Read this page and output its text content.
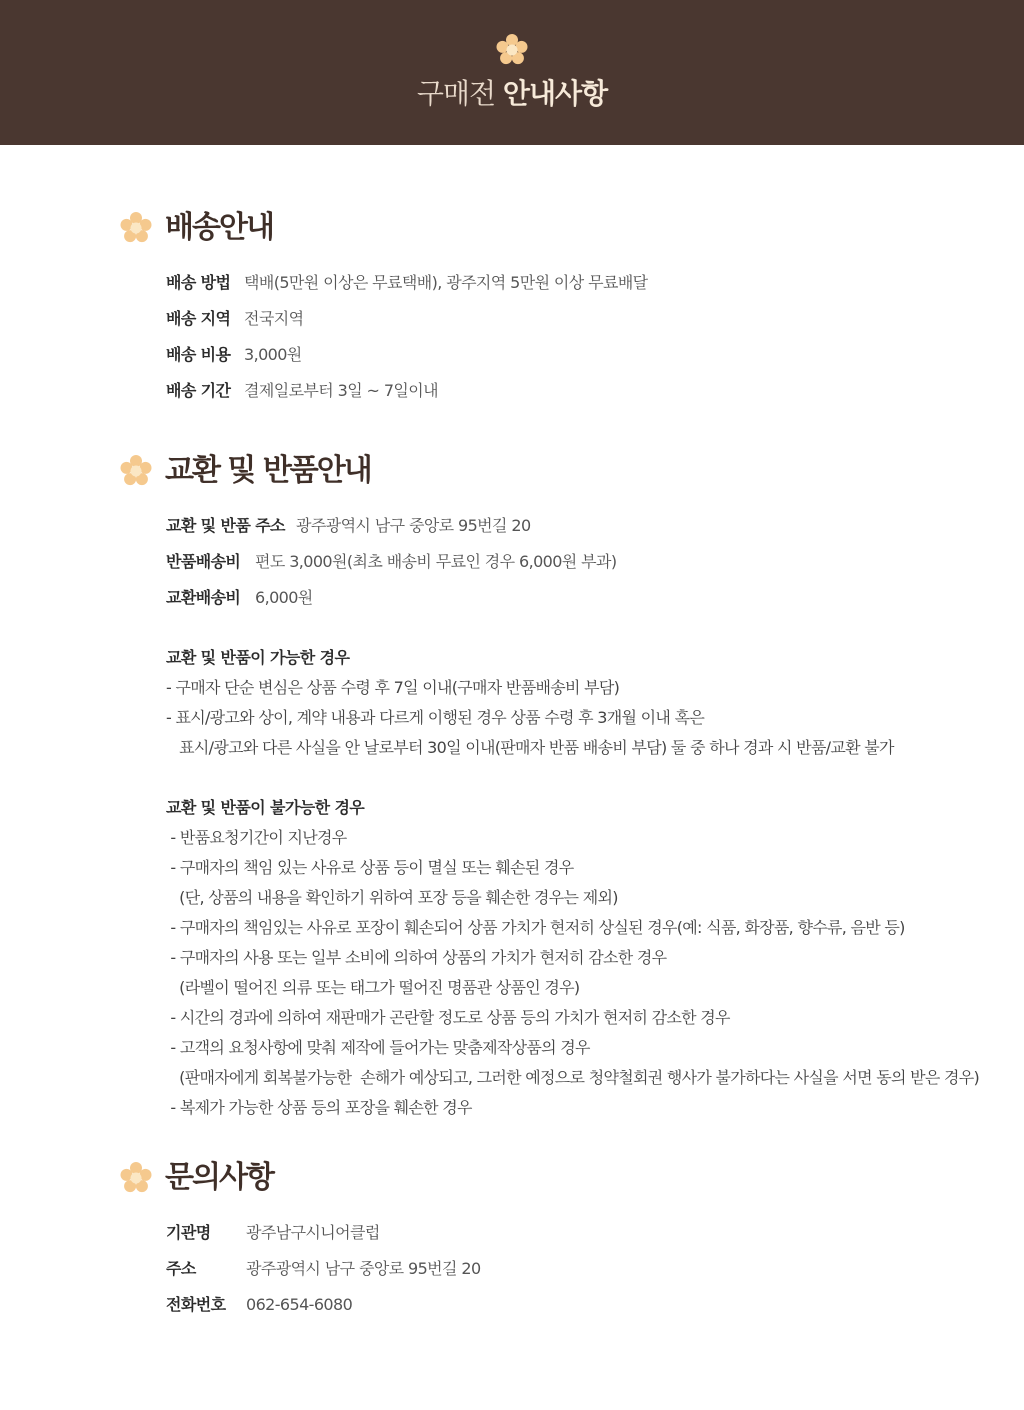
구매전 안내사항
배송안내
배송 방법 택배(5만원 이상은 무료택배), 광주지역 5만원 이상 무료배달
배송 지역 전국지역
배송 비용 3,000원
배송 기간 결제일로부터 3일 ~ 7일이내
교환 및 반품안내
교환 및 반품 주소 광주광역시 남구 중앙로 95번길 20
반품배송비 편도 3,000원(최초 배송비 무료인 경우 6,000원 부과)
교환배송비 6,000원
교환 및 반품이 가능한 경우
- 구매자 단순 변심은 상품 수령 후 7일 이내(구매자 반품배송비 부담)
- 표시/광고와 상이, 계약 내용과 다르게 이행된 경우 상품 수령 후 3개월 이내 혹은
표시/광고와 다른 사실을 안 날로부터 30일 이내(판매자 반품 배송비 부담) 둘 중 하나 경과 시 반품/교환 불가
교환 및 반품이 불가능한 경우
- 반품요청기간이 지난경우
- 구매자의 책임 있는 사유로 상품 등이 멸실 또는 훼손된 경우
(단, 상품의 내용을 확인하기 위하여 포장 등을 훼손한 경우는 제외)
- 구매자의 책임있는 사유로 포장이 훼손되어 상품 가치가 현저히 상실된 경우(예: 식품, 화장품, 향수류, 음반 등)
- 구매자의 사용 또는 일부 소비에 의하여 상품의 가치가 현저히 감소한 경우
(라벨이 떨어진 의류 또는 태그가 떨어진 명품관 상품인 경우)
- 시간의 경과에 의하여 재판매가 곤란할 정도로 상품 등의 가치가 현저히 감소한 경우
- 고객의 요청사항에 맞춰 제작에 들어가는 맞춤제작상품의 경우
(판매자에게 회복불가능한  손해가 예상되고, 그러한 예정으로 청약철회권 행사가 불가하다는 사실을 서면 동의 받은 경우)
- 복제가 가능한 상품 등의 포장을 훼손한 경우
문의사항
기관명 광주남구시니어클럽
주소	광주광역시 남구 중앙로 95번길 20
전화번호 062-654-6080
